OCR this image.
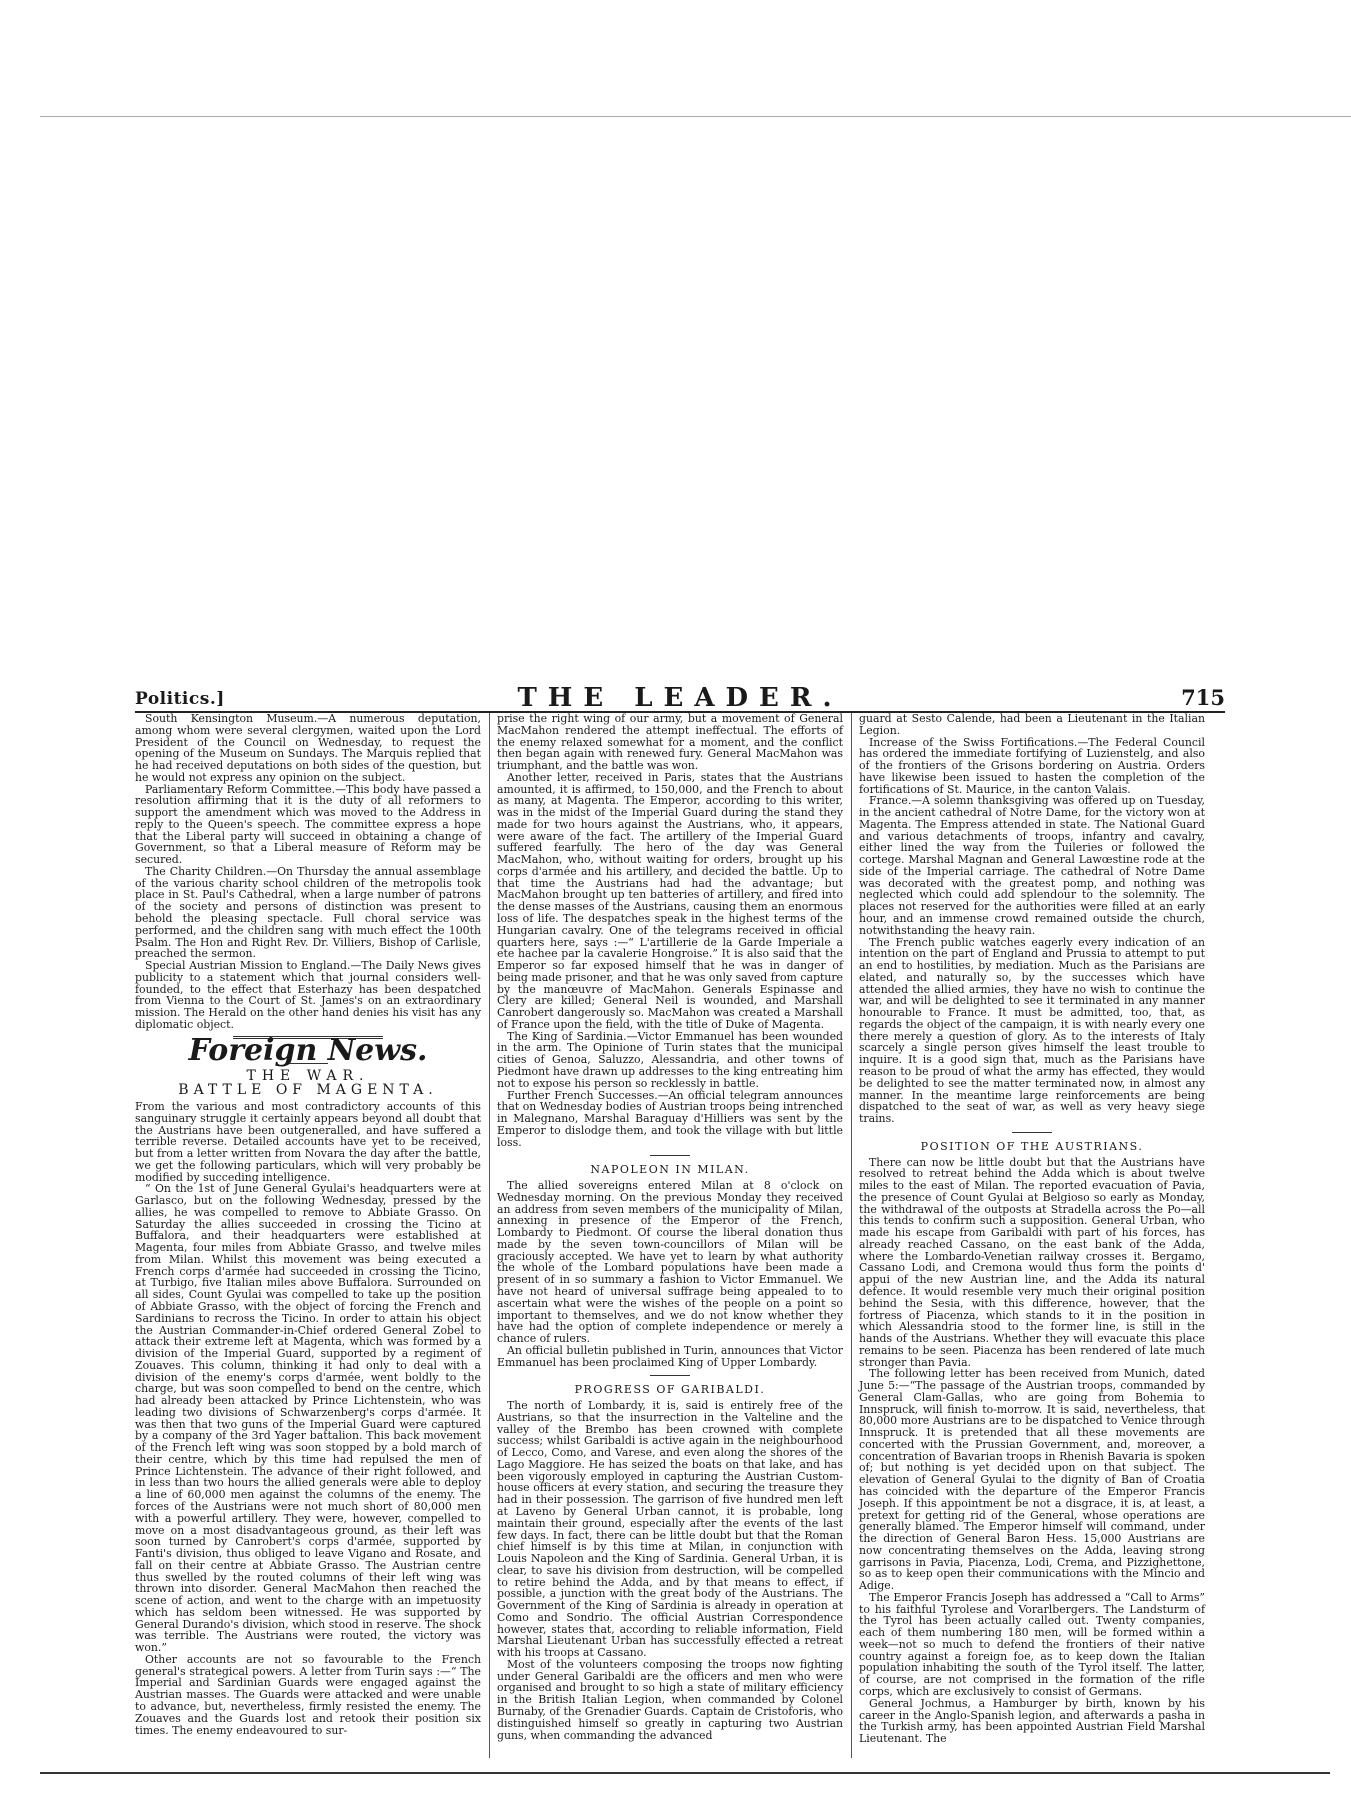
Politics.]	THE LEADER.	715

South Kensington Museum.—A numerous deputation, among whom were several clergymen, waited upon the Lord President of the Council on Wednesday, to request the opening of the Museum on Sundays. The Marquis replied that he had received deputations on both sides of the question, but he would not express any opinion on the subject.

Parliamentary Reform Committee.—This body have passed a resolution affirming that it is the duty of all reformers to support the amendment which was moved to the Address in reply to the Queen's speech. The committee express a hope that the Liberal party will succeed in obtaining a change of Government, so that a Liberal measure of Reform may be secured.

The Charity Children.—On Thursday the annual assemblage of the various charity school children of the metropolis took place in St. Paul's Cathedral, when a large number of patrons of the society and persons of distinction was present to behold the pleasing spectacle. Full choral service was performed, and the children sang with much effect the 100th Psalm. The Hon and Right Rev. Dr. Villiers, Bishop of Carlisle, preached the sermon.

Special Austrian Mission to England.—The Daily News gives publicity to a statement which that journal considers well-founded, to the effect that Esterhazy has been despatched from Vienna to the Court of St. James's on an extraordinary mission. The Herald on the other hand denies his visit has any diplomatic object.

Foreign News.
THE WAR.
BATTLE OF MAGENTA.

From the various and most contradictory accounts of this sanguinary struggle it certainly appears beyond all doubt that the Austrians have been outgeneralled, and have suffered a terrible reverse. Detailed accounts have yet to be received, but from a letter written from Novara the day after the battle, we get the following particulars, which will very probably be modified by succeding intelligence.

“ On the 1st of June General Gyulai's headquarters were at Garlasco, but on the following Wednesday, pressed by the allies, he was compelled to remove to Abbiate Grasso. On Saturday the allies succeeded in crossing the Ticino at Buffalora, and their headquarters were established at Magenta, four miles from Abbiate Grasso, and twelve miles from Milan. Whilst this movement was being executed a French corps d'armée had succeeded in crossing the Ticino, at Turbigo, five Italian miles above Buffalora. Surrounded on all sides, Count Gyulai was compelled to take up the position of Abbiate Grasso, with the object of forcing the French and Sardinians to recross the Ticino. In order to attain his object the Austrian Commander-in-Chief ordered General Zobel to attack their extreme left at Magenta, which was formed by a division of the Imperial Guard, supported by a regiment of Zouaves. This column, thinking it had only to deal with a division of the enemy's corps d'armée, went boldly to the charge, but was soon compelled to bend on the centre, which had already been attacked by Prince Lichtenstein, who was leading two divisions of Schwarzenberg's corps d'armée. It was then that two guns of the Imperial Guard were captured by a company of the 3rd Yager battalion. This back movement of the French left wing was soon stopped by a bold march of their centre, which by this time had repulsed the men of Prince Lichtenstein. The advance of their right followed, and in less than two hours the allied generals were able to deploy a line of 60,000 men against the columns of the enemy. The forces of the Austrians were not much short of 80,000 men with a powerful artillery. They were, however, compelled to move on a most disadvantageous ground, as their left was soon turned by Canrobert's corps d'armée, supported by Fanti's division, thus obliged to leave Vigano and Rosate, and fall on their centre at Abbiate Grasso. The Austrian centre thus swelled by the routed columns of their left wing was thrown into disorder. General MacMahon then reached the scene of action, and went to the charge with an impetuosity which has seldom been witnessed. He was supported by General Durando's division, which stood in reserve. The shock was terrible. The Austrians were routed, the victory was won.”

Other accounts are not so favourable to the French general's strategical powers. A letter from Turin says :—“ The Imperial and Sardinian Guards were engaged against the Austrian masses. The Guards were attacked and were unable to advance, but, nevertheless, firmly resisted the enemy. The Zouaves and the Guards lost and retook their position six times. The enemy endeavoured to sur-

prise the right wing of our army, but a movement of General MacMahon rendered the attempt ineffectual. The efforts of the enemy relaxed somewhat for a moment, and the conflict then began again with renewed fury. General MacMahon was triumphant, and the battle was won.

Another letter, received in Paris, states that the Austrians amounted, it is affirmed, to 150,000, and the French to about as many, at Magenta. The Emperor, according to this writer, was in the midst of the Imperial Guard during the stand they made for two hours against the Austrians, who, it appears, were aware of the fact. The artillery of the Imperial Guard suffered fearfully. The hero of the day was General MacMahon, who, without waiting for orders, brought up his corps d'armée and his artillery, and decided the battle. Up to that time the Austrians had had the advantage; but MacMahon brought up ten batteries of artillery, and fired into the dense masses of the Austrians, causing them an enormous loss of life. The despatches speak in the highest terms of the Hungarian cavalry. One of the telegrams received in official quarters here, says :—“ L'artillerie de la Garde Imperiale a ete hachee par la cavalerie Hongroise.” It is also said that the Emperor so far exposed himself that he was in danger of being made prisoner, and that he was only saved from capture by the manœuvre of MacMahon. Generals Espinasse and Clery are killed; General Neil is wounded, and Marshall Canrobert dangerously so. MacMahon was created a Marshall of France upon the field, with the title of Duke of Magenta.

The King of Sardinia.—Victor Emmanuel has been wounded in the arm. The Opinione of Turin states that the municipal cities of Genoa, Saluzzo, Alessandria, and other towns of Piedmont have drawn up addresses to the king entreating him not to expose his person so recklessly in battle.

Further French Successes.—An official telegram announces that on Wednesday bodies of Austrian troops being intrenched in Malegnano, Marshal Baraguay d'Hilliers was sent by the Emperor to dislodge them, and took the village with but little loss.

NAPOLEON IN MILAN.

The allied sovereigns entered Milan at 8 o'clock on Wednesday morning. On the previous Monday they received an address from seven members of the municipality of Milan, annexing in presence of the Emperor of the French, Lombardy to Piedmont. Of course the liberal donation thus made by the seven town-councillors of Milan will be graciously accepted. We have yet to learn by what authority the whole of the Lombard populations have been made a present of in so summary a fashion to Victor Emmanuel. We have not heard of universal suffrage being appealed to to ascertain what were the wishes of the people on a point so important to themselves, and we do not know whether they have had the option of complete independence or merely a chance of rulers.

An official bulletin published in Turin, announces that Victor Emmanuel has been proclaimed King of Upper Lombardy.

PROGRESS OF GARIBALDI.

The north of Lombardy, it is, said is entirely free of the Austrians, so that the insurrection in the Valteline and the valley of the Brembo has been crowned with complete success; whilst Garibaldi is active again in the neighbourhood of Lecco, Como, and Varese, and even along the shores of the Lago Maggiore. He has seized the boats on that lake, and has been vigorously employed in capturing the Austrian Custom-house officers at every station, and securing the treasure they had in their possession. The garrison of five hundred men left at Laveno by General Urban cannot, it is probable, long maintain their ground, especially after the events of the last few days. In fact, there can be little doubt but that the Roman chief himself is by this time at Milan, in conjunction with Louis Napoleon and the King of Sardinia. General Urban, it is clear, to save his division from destruction, will be compelled to retire behind the Adda, and by that means to effect, if possible, a junction with the great body of the Austrians. The Government of the King of Sardinia is already in operation at Como and Sondrio. The official Austrian Correspondence however, states that, according to reliable information, Field Marshal Lieutenant Urban has successfully effected a retreat with his troops at Cassano.

Most of the volunteers composing the troops now fighting under General Garibaldi are the officers and men who were organised and brought to so high a state of military efficiency in the British Italian Legion, when commanded by Colonel Burnaby, of the Grenadier Guards. Captain de Cristoforis, who distinguished himself so greatly in capturing two Austrian guns, when commanding the advanced

guard at Sesto Calende, had been a Lieutenant in the Italian Legion.

Increase of the Swiss Fortifications.—The Federal Council has ordered the immediate fortifying of Luzienstelg, and also of the frontiers of the Grisons bordering on Austria. Orders have likewise been issued to hasten the completion of the fortifications of St. Maurice, in the canton Valais.

France.—A solemn thanksgiving was offered up on Tuesday, in the ancient cathedral of Notre Dame, for the victory won at Magenta. The Empress attended in state. The National Guard and various detachments of troops, infantry and cavalry, either lined the way from the Tuileries or followed the cortege. Marshal Magnan and General Lawœstine rode at the side of the Imperial carriage. The cathedral of Notre Dame was decorated with the greatest pomp, and nothing was neglected which could add splendour to the solemnity. The places not reserved for the authorities were filled at an early hour, and an immense crowd remained outside the church, notwithstanding the heavy rain.

The French public watches eagerly every indication of an intention on the part of England and Prussia to attempt to put an end to hostilities, by mediation. Much as the Parisians are elated, and naturally so, by the successes which have attended the allied armies, they have no wish to continue the war, and will be delighted to see it terminated in any manner honourable to France. It must be admitted, too, that, as regards the object of the campaign, it is with nearly every one there merely a question of glory. As to the interests of Italy scarcely a single person gives himself the least trouble to inquire. It is a good sign that, much as the Parisians have reason to be proud of what the army has effected, they would be delighted to see the matter terminated now, in almost any manner. In the meantime large reinforcements are being dispatched to the seat of war, as well as very heavy siege trains.

POSITION OF THE AUSTRIANS.

There can now be little doubt but that the Austrians have resolved to retreat behind the Adda which is about twelve miles to the east of Milan. The reported evacuation of Pavia, the presence of Count Gyulai at Belgioso so early as Monday, the withdrawal of the outposts at Stradella across the Po—all this tends to confirm such a supposition. General Urban, who made his escape from Garibaldi with part of his forces, has already reached Cassano, on the east bank of the Adda, where the Lombardo-Venetian railway crosses it. Bergamo, Cassano Lodi, and Cremona would thus form the points d' appui of the new Austrian line, and the Adda its natural defence. It would resemble very much their original position behind the Sesia, with this difference, however, that the fortress of Piacenza, which stands to it in the position in which Alessandria stood to the former line, is still in the hands of the Austrians. Whether they will evacuate this place remains to be seen. Piacenza has been rendered of late much stronger than Pavia.

The following letter has been received from Munich, dated June 5:—“The passage of the Austrian troops, commanded by General Clam-Gallas, who are going from Bohemia to Innspruck, will finish to-morrow. It is said, nevertheless, that 80,000 more Austrians are to be dispatched to Venice through Innspruck. It is pretended that all these movements are concerted with the Prussian Government, and, moreover, a concentration of Bavarian troops in Rhenish Bavaria is spoken of; but nothing is yet decided upon on that subject. The elevation of General Gyulai to the dignity of Ban of Croatia has coincided with the departure of the Emperor Francis Joseph. If this appointment be not a disgrace, it is, at least, a pretext for getting rid of the General, whose operations are generally blamed. The Emperor himself will command, under the direction of General Baron Hess. 15,000 Austrians are now concentrating themselves on the Adda, leaving strong garrisons in Pavia, Piacenza, Lodi, Crema, and Pizzighettone, so as to keep open their communications with the Mincio and Adige.

The Emperor Francis Joseph has addressed a “Call to Arms” to his faithful Tyrolese and Vorarlbergers. The Landsturm of the Tyrol has been actually called out. Twenty companies, each of them numbering 180 men, will be formed within a week—not so much to defend the frontiers of their native country against a foreign foe, as to keep down the Italian population inhabiting the south of the Tyrol itself. The latter, of course, are not comprised in the formation of the rifle corps, which are exclusively to consist of Germans.

General Jochmus, a Hamburger by birth, known by his career in the Anglo-Spanish legion, and afterwards a pasha in the Turkish army, has been appointed Austrian Field Marshal Lieutenant. The
